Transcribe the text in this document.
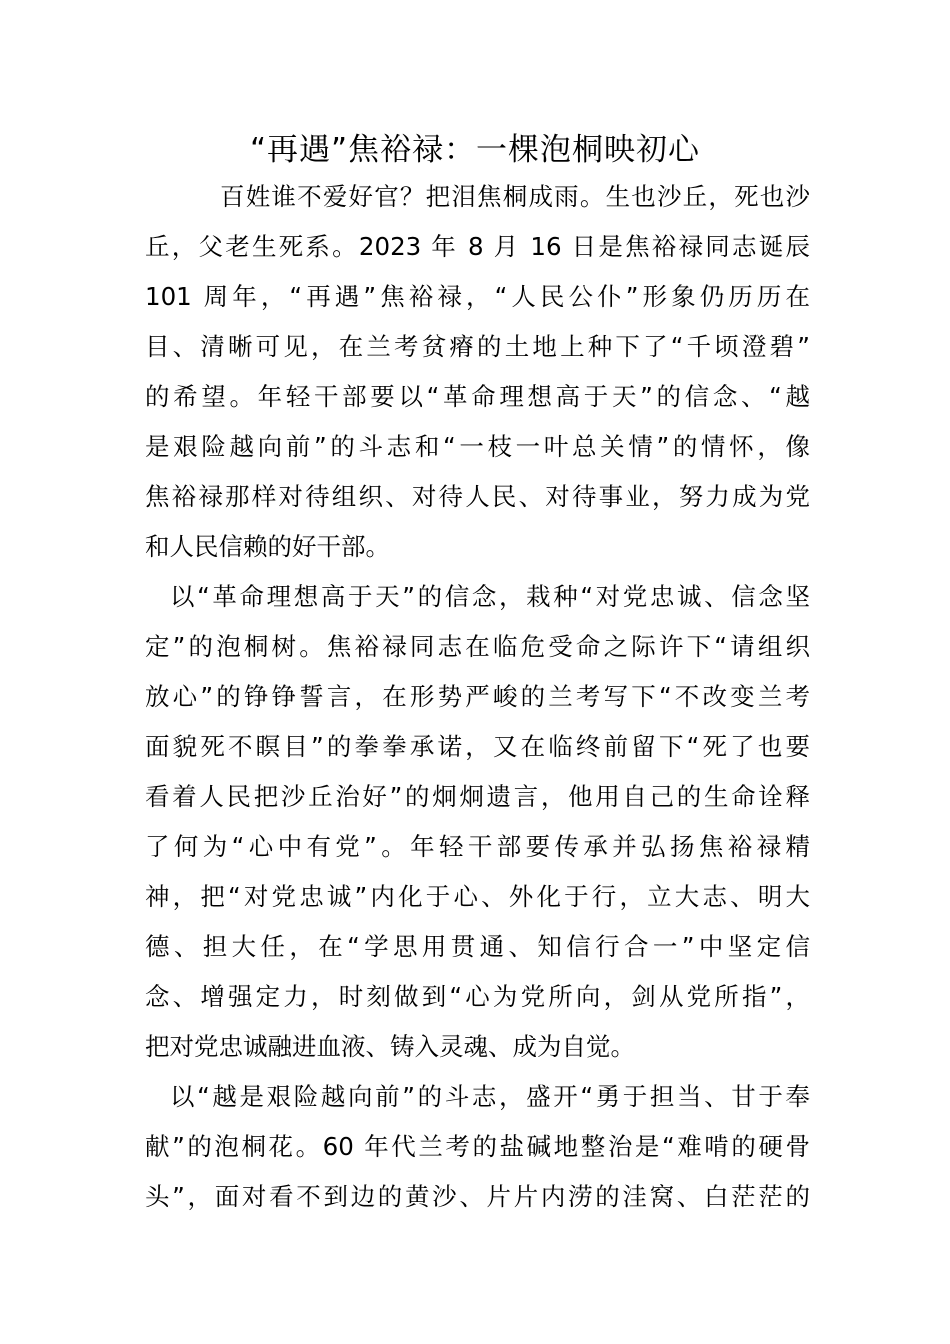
“再遇”焦裕禄：一棵泡桐映初心

百姓谁不爱好官？把泪焦桐成雨。生也沙丘，死也沙

丘，父老生死系。2023 年 8 月 16 日是焦裕禄同志诞辰

101 周年，“再遇”焦裕禄，“人民公仆”形象仍历历在

目、清晰可见，在兰考贫瘠的土地上种下了“千顷澄碧”

的希望。年轻干部要以“革命理想高于天”的信念、“越

是艰险越向前”的斗志和“一枝一叶总关情”的情怀，像

焦裕禄那样对待组织、对待人民、对待事业，努力成为党

和人民信赖的好干部。

以“革命理想高于天”的信念，栽种“对党忠诚、信念坚

定”的泡桐树。焦裕禄同志在临危受命之际许下“请组织

放心”的铮铮誓言，在形势严峻的兰考写下“不改变兰考

面貌死不瞑目”的拳拳承诺，又在临终前留下“死了也要

看着人民把沙丘治好”的炯炯遗言，他用自己的生命诠释

了何为“心中有党”。年轻干部要传承并弘扬焦裕禄精

神，把“对党忠诚”内化于心、外化于行，立大志、明大

德、担大任，在“学思用贯通、知信行合一”中坚定信

念、增强定力，时刻做到“心为党所向，剑从党所指”，

把对党忠诚融进血液、铸入灵魂、成为自觉。

以“越是艰险越向前”的斗志，盛开“勇于担当、甘于奉

献”的泡桐花。60 年代兰考的盐碱地整治是“难啃的硬骨

头”，面对看不到边的黄沙、片片内涝的洼窝、白茫茫的
